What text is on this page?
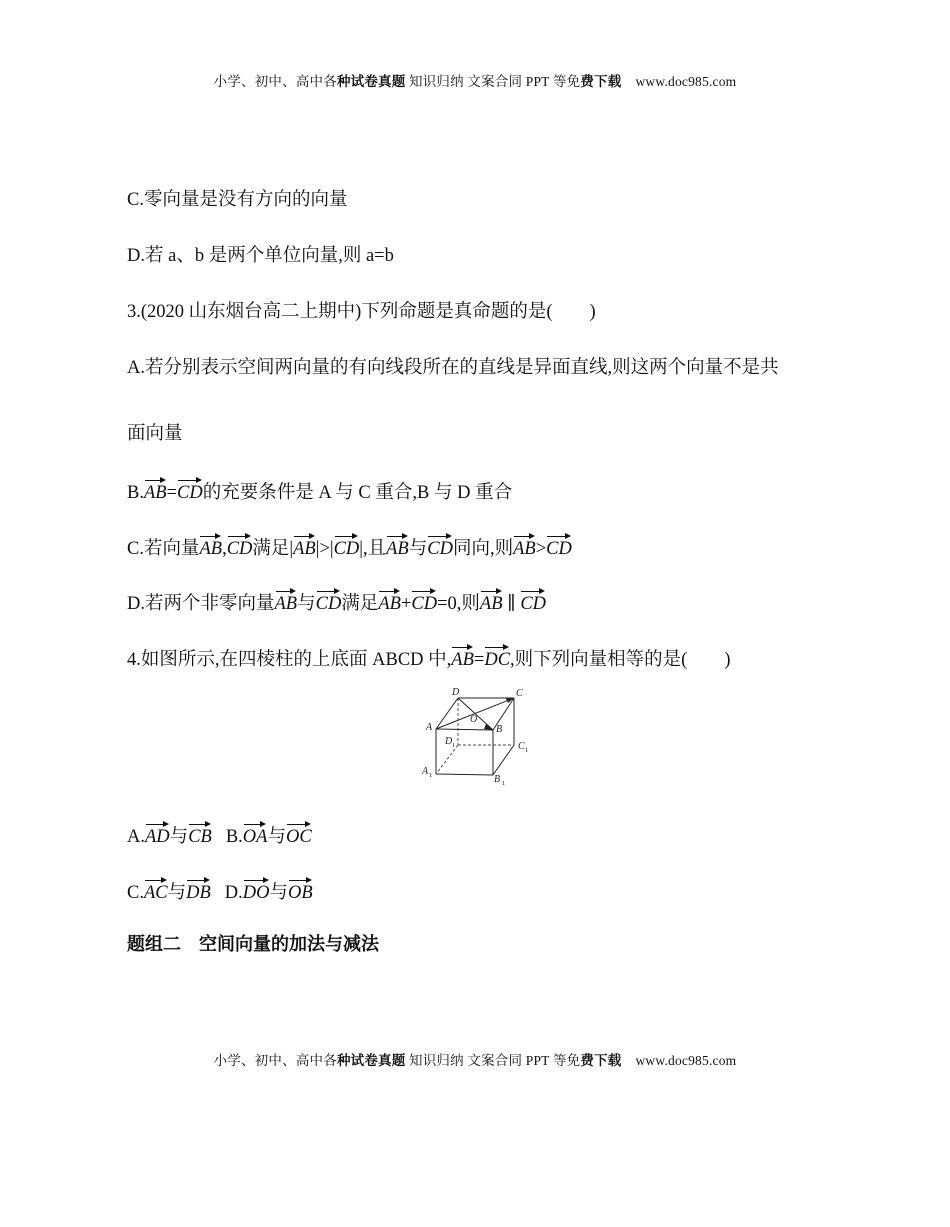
小学、初中、高中各种试卷真题 知识归纳 文案合同 PPT 等免费下载 www.doc985.com
C.零向量是没有方向的向量
D.若 a、b 是两个单位向量,则 a=b
3.(2020 山东烟台高二上期中)下列命题是真命题的是(　　)
A.若分别表示空间两向量的有向线段所在的直线是异面直线,则这两个向量不是共
面向量
B.AB=CD的充要条件是 A 与 C 重合,B 与 D 重合
C.若向量AB,CD满足|AB|>|CD|,且AB与CD同向,则AB>CD
D.若两个非零向量AB与CD满足AB+CD=0,则AB ∥ CD
4.如图所示,在四棱柱的上底面 ABCD 中,AB=DC,则下列向量相等的是(　　)
D	C
A
O
B
D	C
A
B
1
1
1
1
A.AD与CB B.OA与OC
C.AC与DB D.DO与OB
题组二　空间向量的加法与减法
小学、初中、高中各种试卷真题 知识归纳 文案合同 PPT 等免费下载 www.doc985.com
